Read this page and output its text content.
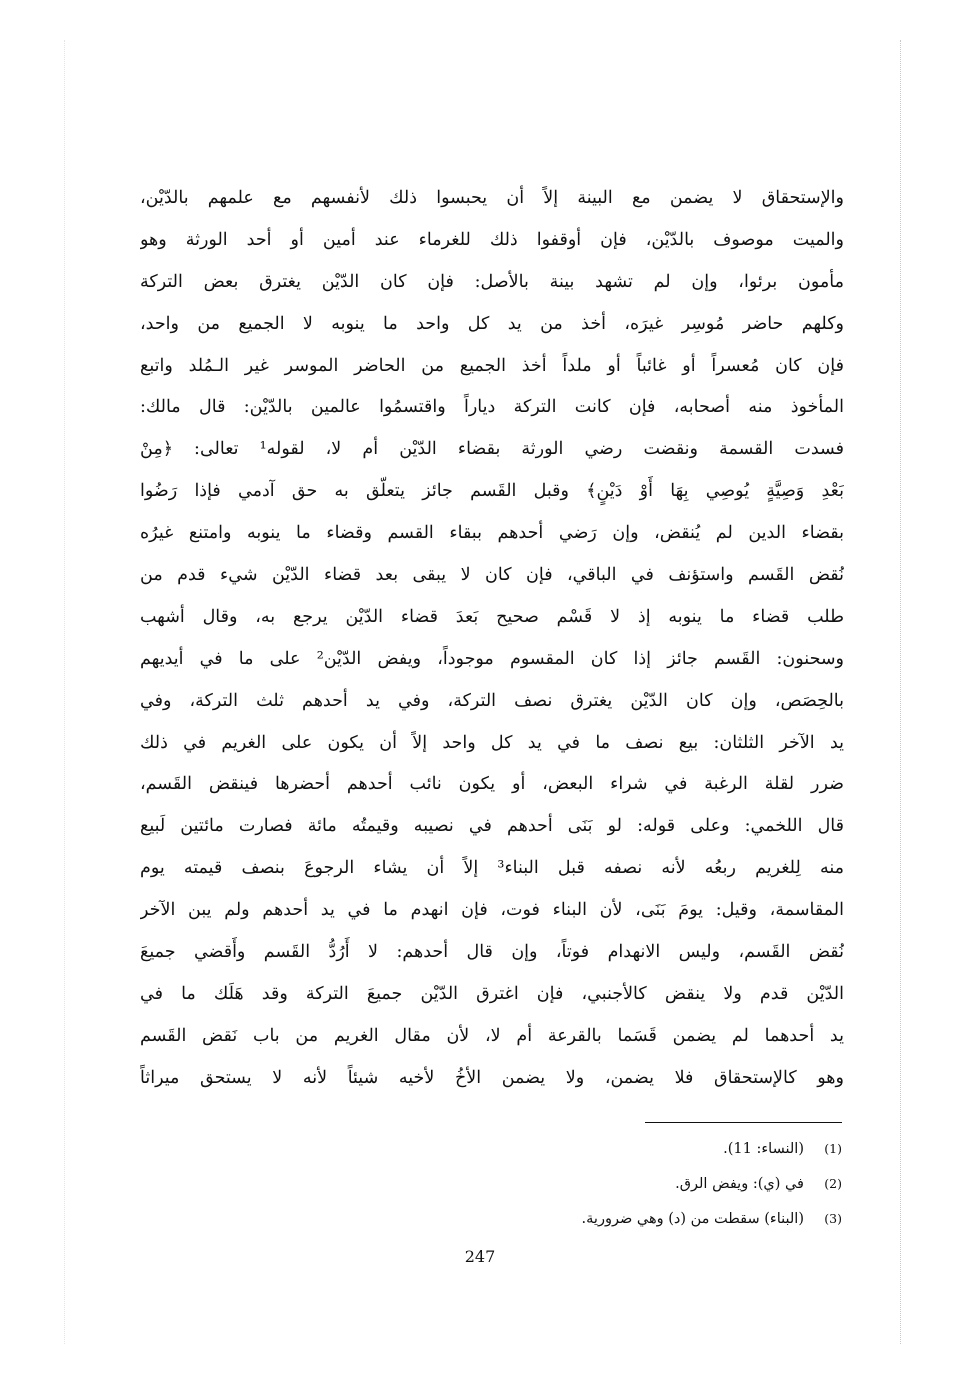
والإستحقاق لا يضمن مع البينة إلاً أن يحبسوا ذلك لأنفسهم مع علمهم بالدّيْن،
والميت موصوف بالدّيْن، فإن أوقفوا ذلك للغرماء عند أمين أو أحد الورثة وهو
مأمون برئوا، وإن لم تشهد بينة بالأصل: فإن كان الدّيْن يغترق بعض التركة
وكلهم حاضر مُوسِر غيرَه، أخذ من يد كل واحد ما ينوبه لا الجميع من واحد،
فإن كان مُعسراً أو غائباً أو ملداً أخذ الجميع من الحاضر الموسر غير الـمُلد واتبع
المأخوذ منه أصحابه، فإن كانت التركة دياراً واقتسمُوا عالمين بالدّيْن: قال مالك:
فسدت القسمة ونقضت رضي الورثة بقضاء الدّيْن أم لا، لقوله¹ تعالى: ﴿مِنْ
بَعْدِ وَصِيَّةٍ يُوصِي بِهَا أَوْ دَيْنٍ﴾ وقبل القَسم جائز يتعلّق به حق آدمي فإذا رَضُوا
بقضاء الدين لم يُنقض، وإن رَضي أحدهم ببقاء القسم وقضاء ما ينوبه وامتنع غيرُه
نُقض القَسم واستؤنف في الباقي، فإن كان لا يبقى بعد قضاء الدّيْن شيء قدم من
طلب قضاء ما ينوبه إذ لا قَسْم صحيح بَعدَ قضاء الدّيْن يرجع به، وقال أشهب
وسحنون: القَسم جائز إذا كان المقسوم موجوداً، ويفض الدّيْن² على ما في أيديهم
بالحِصَص، وإن كان الدّيْن يغترق نصف التركة، وفي يد أحدهم ثلث التركة، وفي
يد الآخر الثلثان: بيع نصف ما في يد كل واحد إلاً أن يكون على الغريم في ذلك
ضرر لقلة الرغبة في شراء البعض، أو يكون نائب أحدهم أحضرها فينقض القَسم،
قال اللخمي: وعلى قوله: لو بَنَى أحدهم في نصيبه وقيمتُه مائة فصارت مائتين لَبيع
منه لِلغريم ربعُه لأنه نصفه قبل البناء³ إلاً أن يشاء الرجوعَ بنصف قيمته يوم
المقاسمة، وقيل: يومَ بَنَى، لأن البناء فوت، فإن انهدم ما في يد أحدهم ولم يبن الآخر
نُقض القَسم، وليس الانهدام فوتاً، وإن قال أحدهم: لا أَرُدُّ القَسم وأَقضي جميعَ
الدّيْن قدم ولا ينقض كالأجنبي، فإن اغترق الدّيْن جميعَ التركة وقد هَلَك ما في
يد أحدهما لم يضمن قَسَما بالقرعة أم لا، لأن مقال الغريم من باب نَقض القَسم
وهو كالإستحقاق فلا يضمن، ولا يضمن الأخُ لأخيه شيئاً لأنه لا يستحق ميراثاً
(1)(النساء: 11).
(2)في (ي): ويفض الرق.
(3)(البناء) سقطت من (د) وهي ضرورية.
247
